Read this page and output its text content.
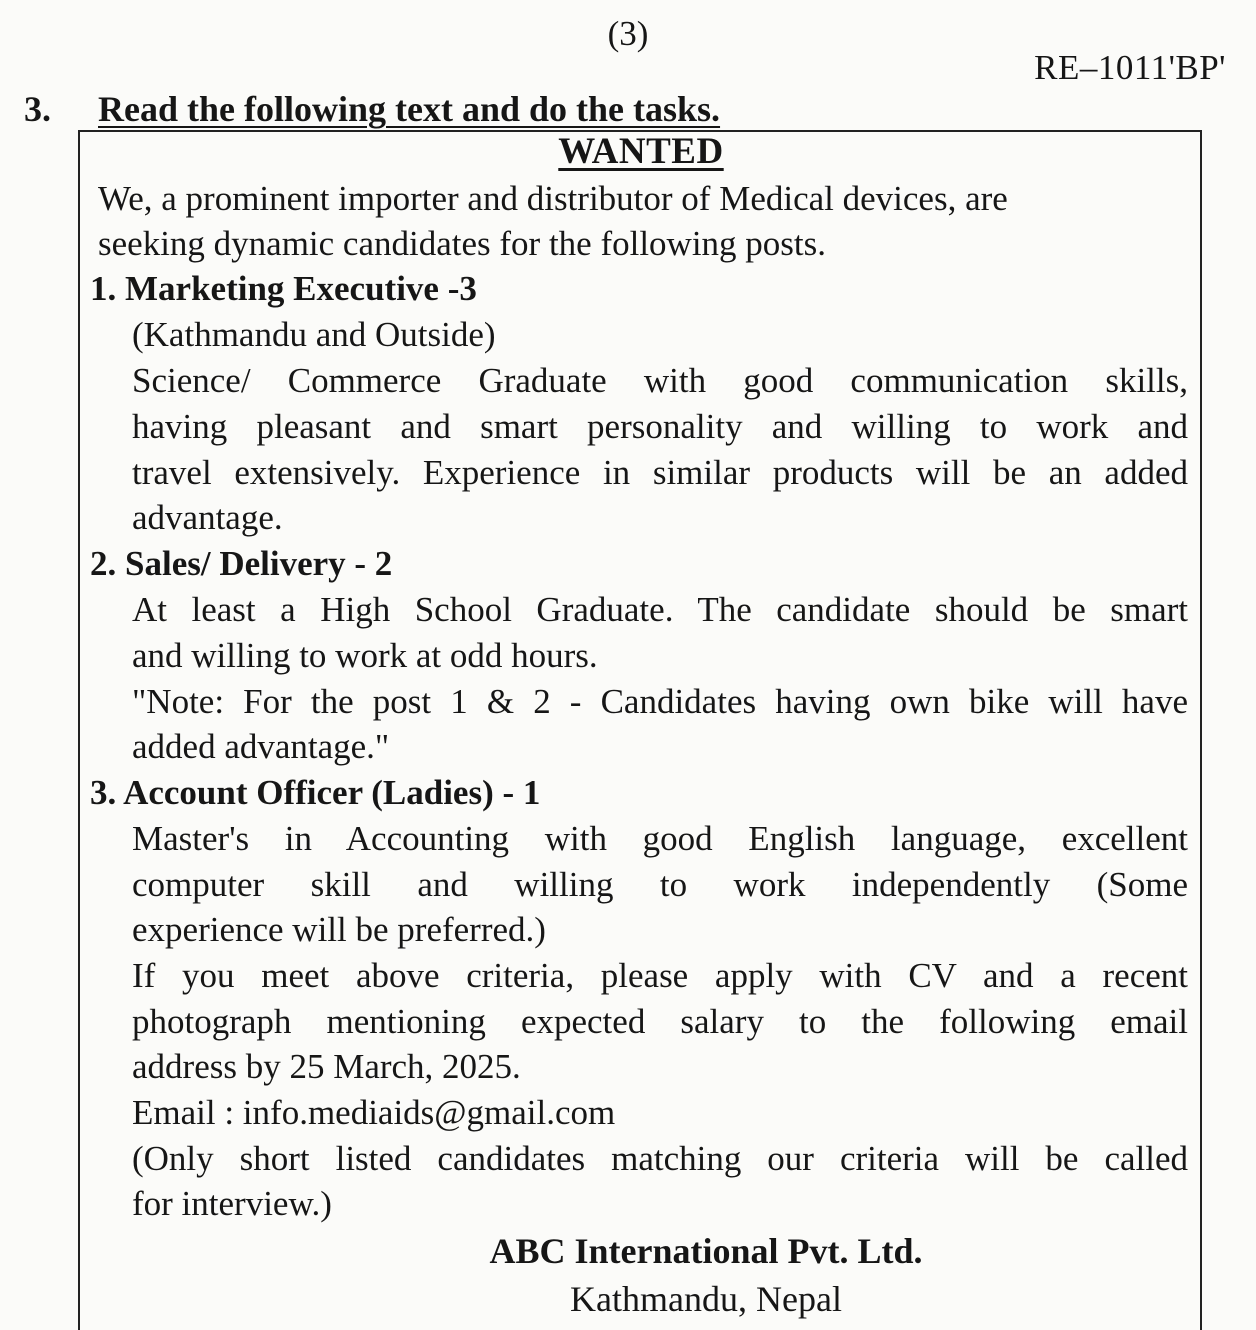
(3)
RE–1011'BP'
3. Read the following text and do the tasks.
WANTED
We, a prominent importer and distributor of Medical devices, are
seeking dynamic candidates for the following posts.
1. Marketing Executive -3
(Kathmandu and Outside)
Science/ Commerce Graduate with good communication skills,
having pleasant and smart personality and willing to work and
travel extensively. Experience in similar products will be an added
advantage.
2. Sales/ Delivery - 2
At least a High School Graduate. The candidate should be smart
and willing to work at odd hours.
"Note: For the post 1 & 2 - Candidates having own bike will have
added advantage."
3. Account Officer (Ladies) - 1
Master's in Accounting with good English language, excellent
computer skill and willing to work independently (Some
experience will be preferred.)
If you meet above criteria, please apply with CV and a recent
photograph mentioning expected salary to the following email
address by 25 March, 2025.
Email : info.mediaids@gmail.com
(Only short listed candidates matching our criteria will be called
for interview.)
ABC International Pvt. Ltd.
Kathmandu, Nepal
